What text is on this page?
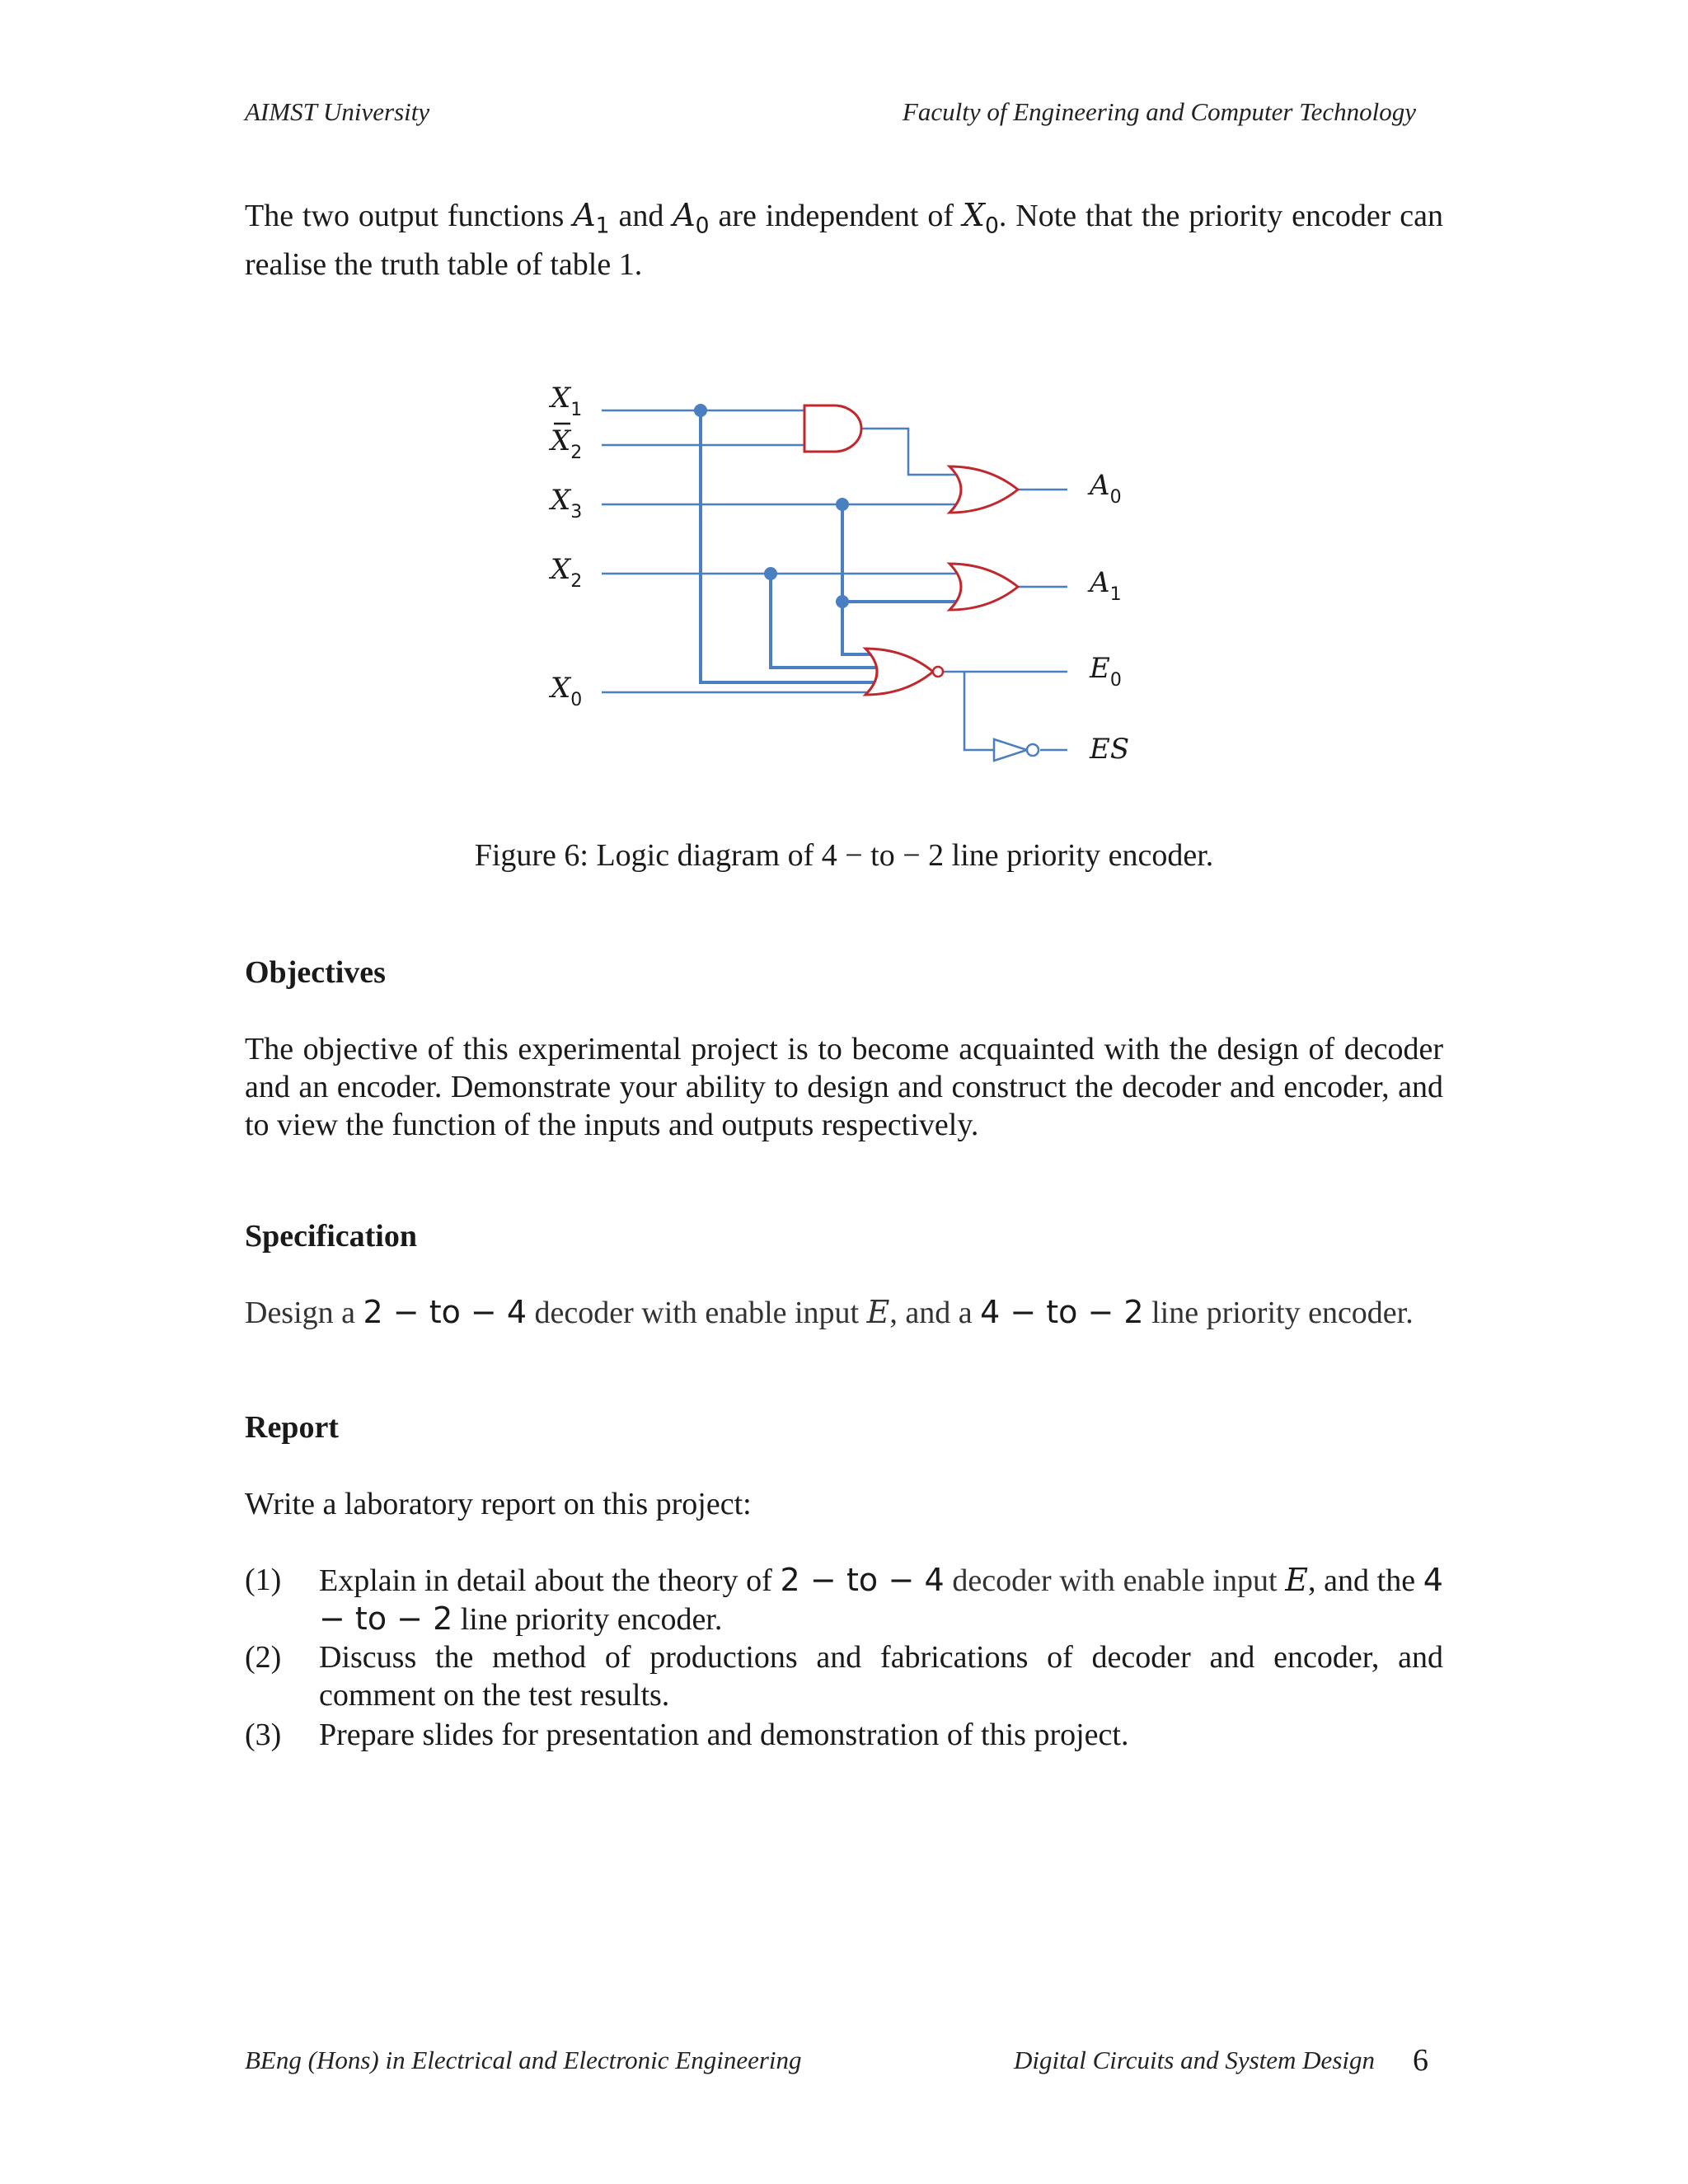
AIMST University	Faculty of Engineering and Computer Technology
The two output functions $A_1$ and $A_0$ are independent of $X_0$. Note that the priority encoder can realise the truth table of table 1.
$X_1$
$X_2$
$X_3$
$X_2$
$X_0$
$A_0$
$A_1$
$E_0$
ES
Figure 6: Logic diagram of 4 − to − 2 line priority encoder.
Objectives
The objective of this experimental project is to become acquainted with the design of decoder and an encoder. Demonstrate your ability to design and construct the decoder and encoder, and to view the function of the inputs and outputs respectively.
Specification
Design a 2 − to − 4 decoder with enable input E, and a 4 − to − 2 line priority encoder.
Report
Write a laboratory report on this project:
(1) Explain in detail about the theory of 2 − to − 4 decoder with enable input E, and the 4 − to − 2 line priority encoder.
(2) Discuss the method of productions and fabrications of decoder and encoder, and comment on the test results.
(3) Prepare slides for presentation and demonstration of this project.
BEng (Hons) in Electrical and Electronic Engineering	Digital Circuits and System Design 6
